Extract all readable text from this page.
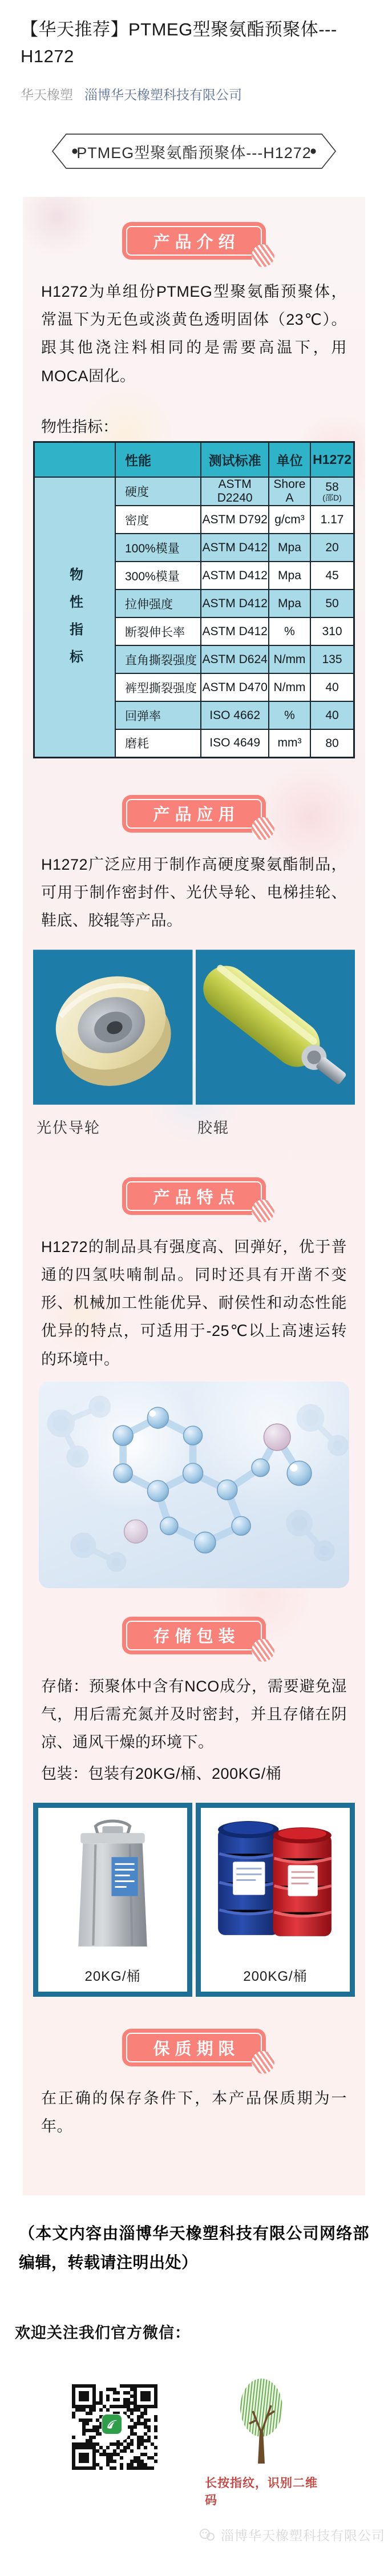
【华天推荐】PTMEG型聚氨酯预聚体---H1272
华天橡塑 淄博华天橡塑科技有限公司
PTMEG型聚氨酯预聚体---H1272
产品介绍

H1272为单组份PTMEG型聚氨酯预聚体，常温下为无色或淡黄色透明固体（23℃）。跟其他浇注料相同的是需要高温下，用MOCA固化。

物性指标：

	性能	测试标准	单位	H1272
物性指标	硬度	ASTM D2240	Shore A	58
(邵D)

	密度	ASTM D792	g/cm³	1.17
	100%模量	ASTM D412	Mpa	20
	300%模量	ASTM D412	Mpa	45
	拉伸强度	ASTM D412	Mpa	50
	断裂伸长率	ASTM D412	%	310
	直角撕裂强度	ASTM D624	N/mm	135
	裤型撕裂强度	ASTM D470	N/mm	40
	回弹率	ISO 4662	%	40
	磨耗	ISO 4649	mm³	80
产品应用

H1272广泛应用于制作高硬度聚氨酯制品，可用于制作密封件、光伏导轮、电梯挂轮、鞋底、胶辊等产品。

光伏导轮	胶辊
产品特点

H1272的制品具有强度高、回弹好，优于普通的四氢呋喃制品。同时还具有开凿不变形、机械加工性能优异、耐侯性和动态性能优异的特点，可适用于-25℃以上高速运转的环境中。

存储包装

存储：预聚体中含有NCO成分，需要避免湿气，用后需充氮并及时密封，并且存储在阴凉、通风干燥的环境下。

包装：包装有20KG/桶、200KG/桶

20KG/桶	200KG/桶
保质期限

在正确的保存条件下，本产品保质期为一年。

（本文内容由淄博华天橡塑科技有限公司网络部编辑，转载请注明出处）

欢迎关注我们官方微信：

长按指纹，识别二维码
淄博华天橡塑科技有限公司
